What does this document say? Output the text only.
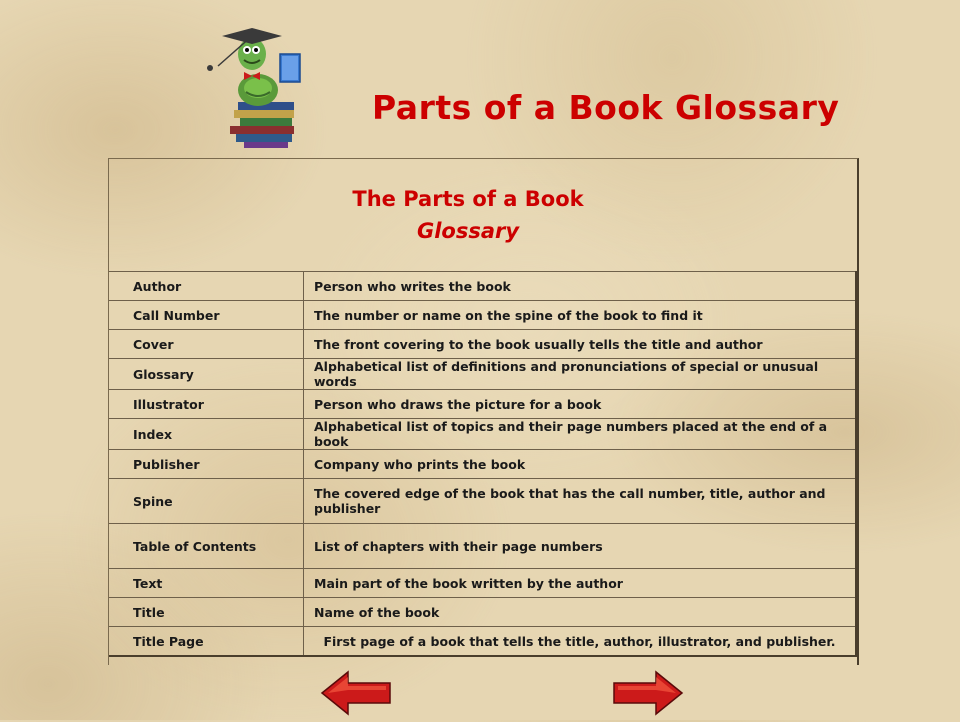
Parts of a Book Glossary
The Parts of a Book
Glossary
Author	Person who writes the book
Call Number	The number or name on the spine of the book to find it
Cover	The front covering to the book usually tells the title and author
Glossary	Alphabetical list of definitions and pronunciations of special or unusual words
Illustrator	Person who draws the picture for a book
Index	Alphabetical list of topics and their page numbers placed at the end of a book
Publisher	Company who prints the book
Spine	The covered edge of the book that has the call number, title, author and publisher
Table of Contents	List of chapters with their page numbers
Text	Main part of the book written by the author
Title	Name of the book
Title Page	First page of a book that tells the title, author, illustrator, and publisher.
